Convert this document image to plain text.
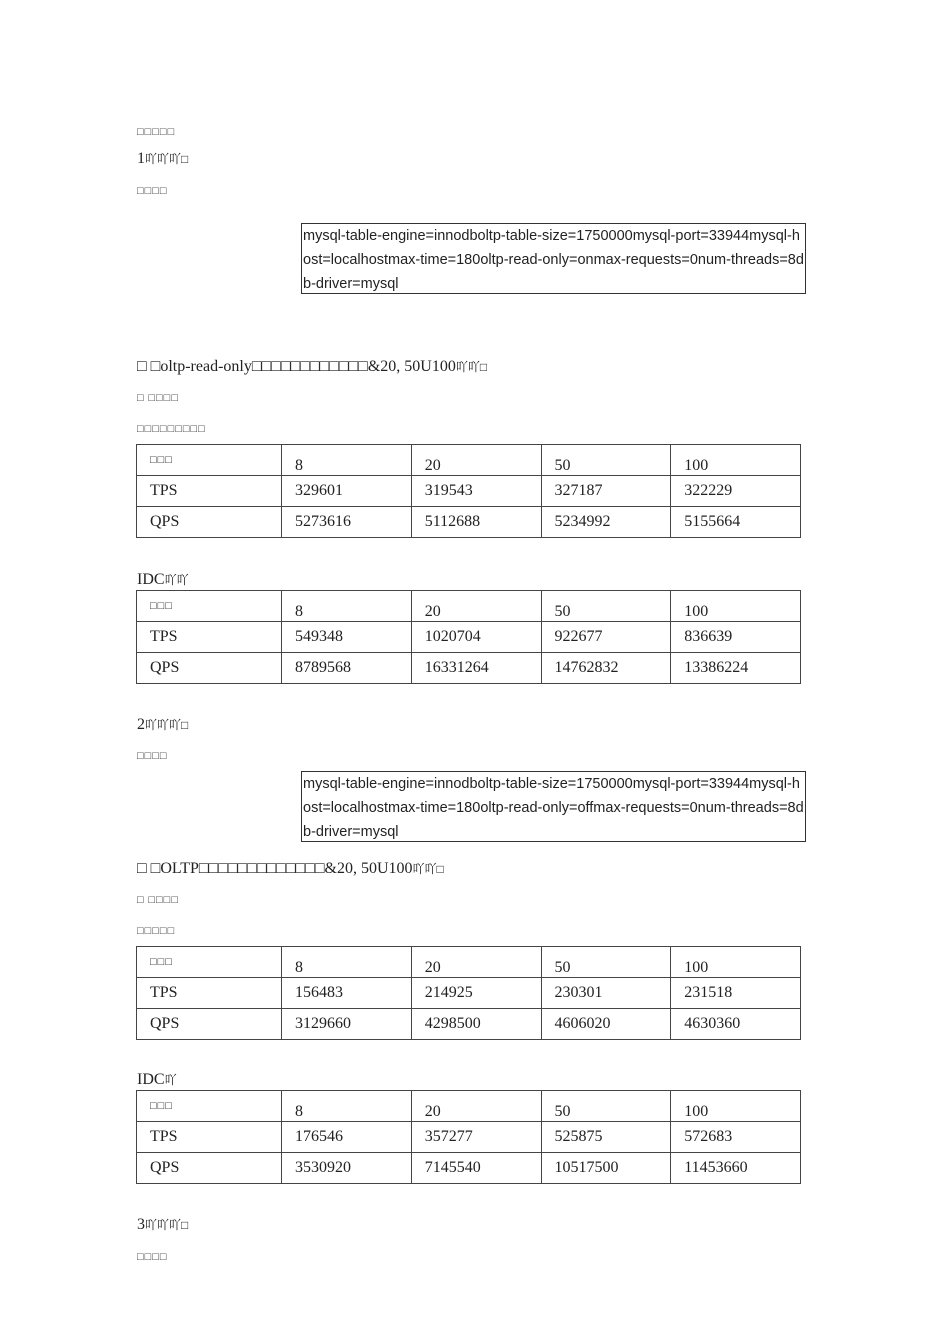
□□□□□
1吖吖吖□
□□□□
mysql-table-engine=innodboltp-table-size=1750000mysql-port=33944mysql-host=localhostmax-time=180oltp-read-only=onmax-requests=0num-threads=8db-driver=mysql
□ □oltp-read-only□□□□□□□□□□□□&20, 50U100吖吖□
□ □□□□
□□□□□□□□□
□□□	8	20	50	100
TPS	329601	319543	327187	322229
QPS	5273616	5112688	5234992	5155664
IDC吖吖
□□□	8	20	50	100
TPS	549348	1020704	922677	836639
QPS	8789568	16331264	14762832	13386224
2吖吖吖□
□□□□
mysql-table-engine=innodboltp-table-size=1750000mysql-port=33944mysql-host=localhostmax-time=180oltp-read-only=offmax-requests=0num-threads=8db-driver=mysql
□ □OLTP□□□□□□□□□□□□□&20, 50U100吖吖□
□ □□□□
□□□□□
□□□	8	20	50	100
TPS	156483	214925	230301	231518
QPS	3129660	4298500	4606020	4630360
IDC吖
□□□	8	20	50	100
TPS	176546	357277	525875	572683
QPS	3530920	7145540	10517500	11453660
3吖吖吖□
□□□□
